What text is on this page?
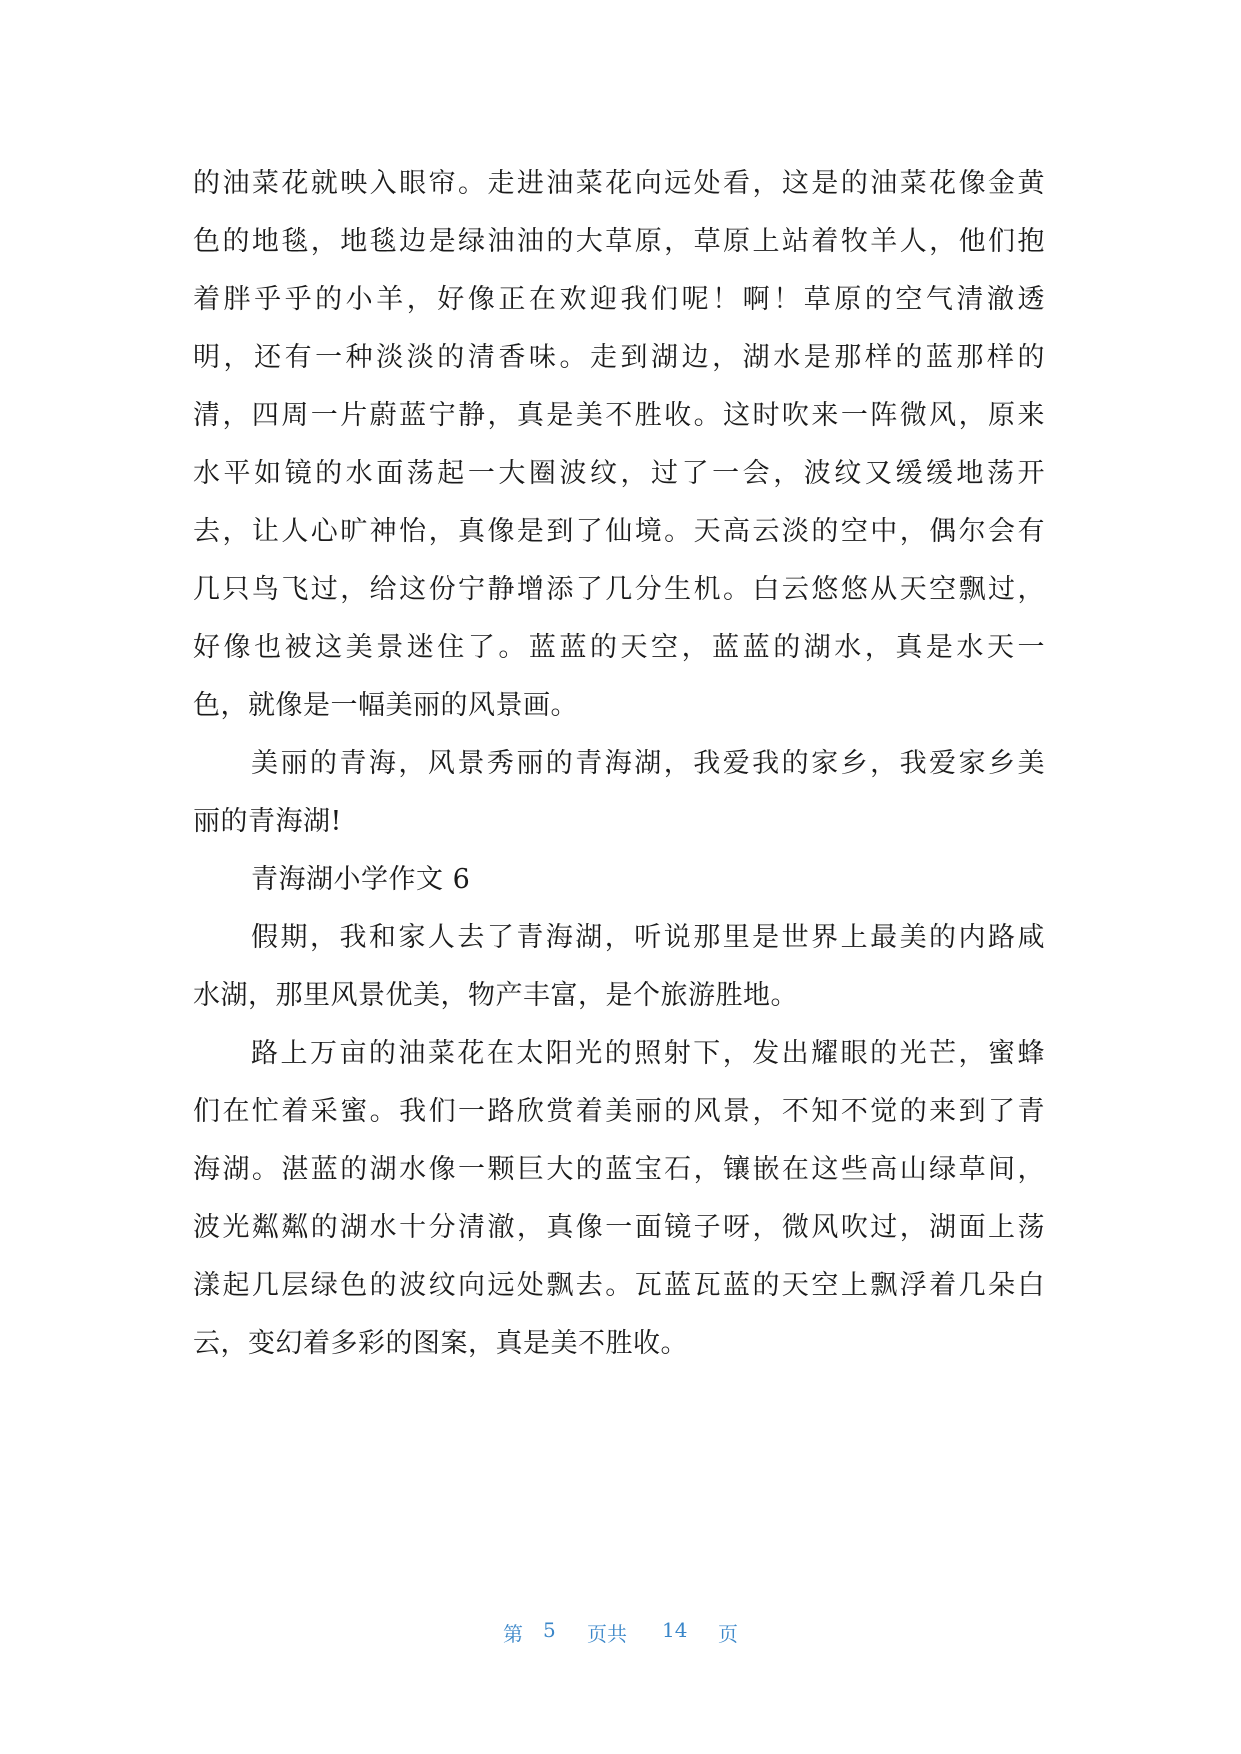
的油菜花就映入眼帘。走进油菜花向远处看，这是的油菜花像金黄
色的地毯，地毯边是绿油油的大草原，草原上站着牧羊人，他们抱
着胖乎乎的小羊，好像正在欢迎我们呢！啊！草原的空气清澈透
明，还有一种淡淡的清香味。走到湖边，湖水是那样的蓝那样的
清，四周一片蔚蓝宁静，真是美不胜收。这时吹来一阵微风，原来
水平如镜的水面荡起一大圈波纹，过了一会，波纹又缓缓地荡开
去，让人心旷神怡，真像是到了仙境。天高云淡的空中，偶尔会有
几只鸟飞过，给这份宁静增添了几分生机。白云悠悠从天空飘过，
好像也被这美景迷住了。蓝蓝的天空，蓝蓝的湖水，真是水天一
色，就像是一幅美丽的风景画。
美丽的青海，风景秀丽的青海湖，我爱我的家乡，我爱家乡美
丽的青海湖!
青海湖小学作文 6
假期，我和家人去了青海湖，听说那里是世界上最美的内路咸
水湖，那里风景优美，物产丰富，是个旅游胜地。
路上万亩的油菜花在太阳光的照射下，发出耀眼的光芒，蜜蜂
们在忙着采蜜。我们一路欣赏着美丽的风景，不知不觉的来到了青
海湖。湛蓝的湖水像一颗巨大的蓝宝石，镶嵌在这些高山绿草间，
波光粼粼的湖水十分清澈，真像一面镜子呀，微风吹过，湖面上荡
漾起几层绿色的波纹向远处飘去。瓦蓝瓦蓝的天空上飘浮着几朵白
云，变幻着多彩的图案，真是美不胜收。
第 5 页共 14 页
